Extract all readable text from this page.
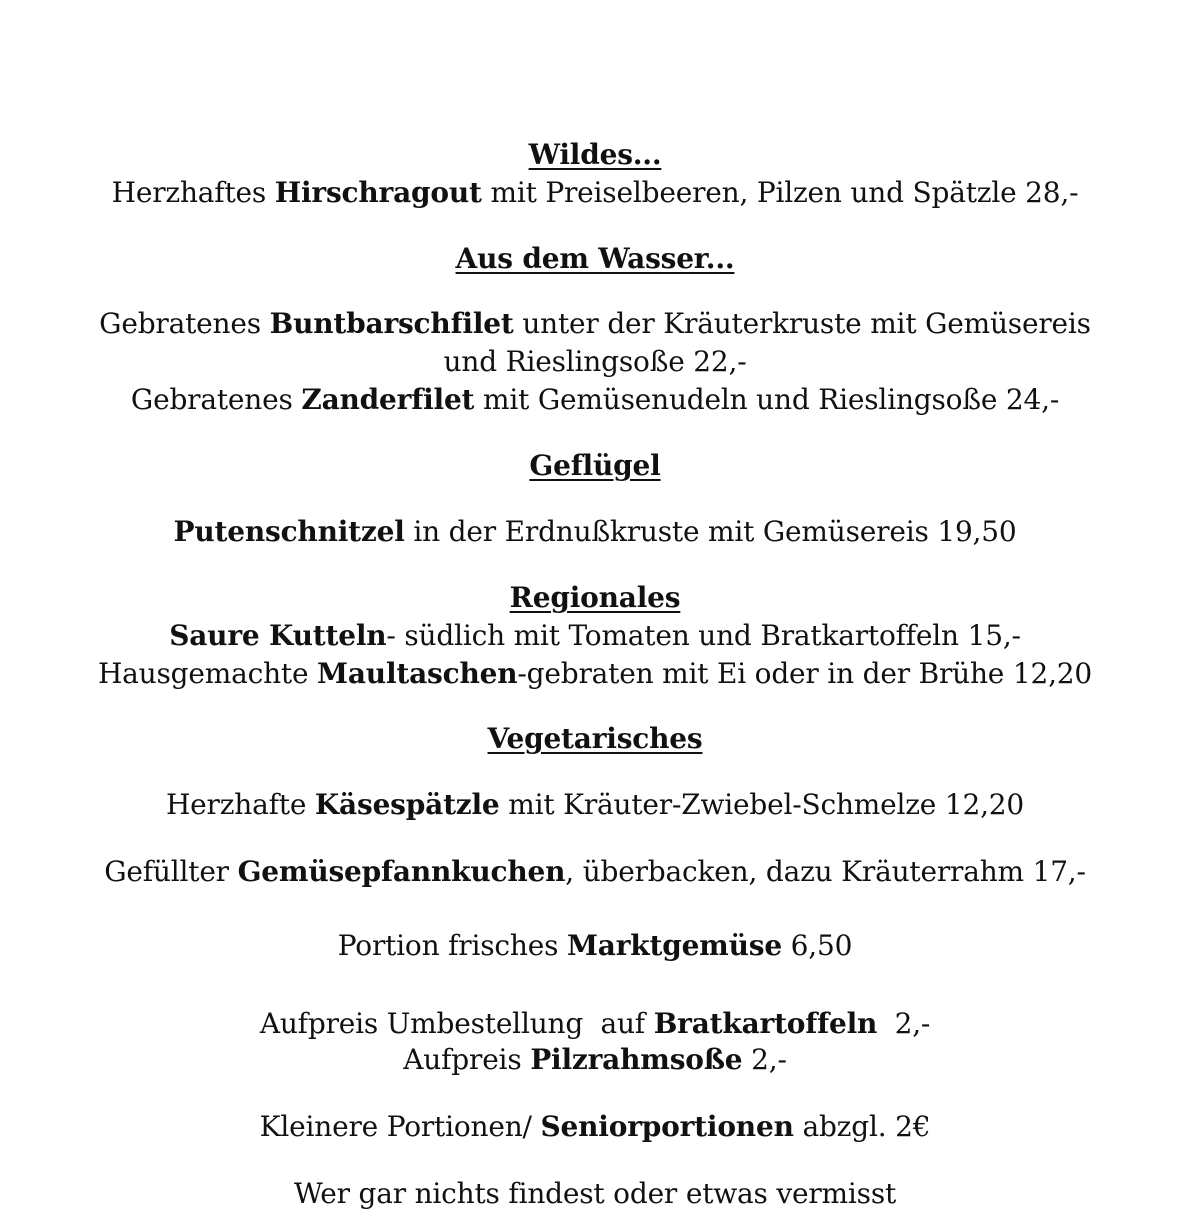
Wildes...
Herzhaftes Hirschragout mit Preiselbeeren, Pilzen und Spätzle 28,-
Aus dem Wasser...
Gebratenes Buntbarschfilet unter der Kräuterkruste mit Gemüsereis
und Rieslingsoße 22,-
Gebratenes Zanderfilet mit Gemüsenudeln und Rieslingsoße 24,-
Geflügel
Putenschnitzel in der Erdnußkruste mit Gemüsereis 19,50
Regionales
Saure Kutteln- südlich mit Tomaten und Bratkartoffeln 15,-
Hausgemachte Maultaschen-gebraten mit Ei oder in der Brühe 12,20
Vegetarisches
Herzhafte Käsespätzle mit Kräuter-Zwiebel-Schmelze 12,20
Gefüllter Gemüsepfannkuchen, überbacken, dazu Kräuterrahm 17,-
Portion frisches Marktgemüse 6,50
Aufpreis Umbestellung  auf Bratkartoffeln  2,-
Aufpreis Pilzrahmsoße 2,-
Kleinere Portionen/ Seniorportionen abzgl. 2€
Wer gar nichts findest oder etwas vermisst
